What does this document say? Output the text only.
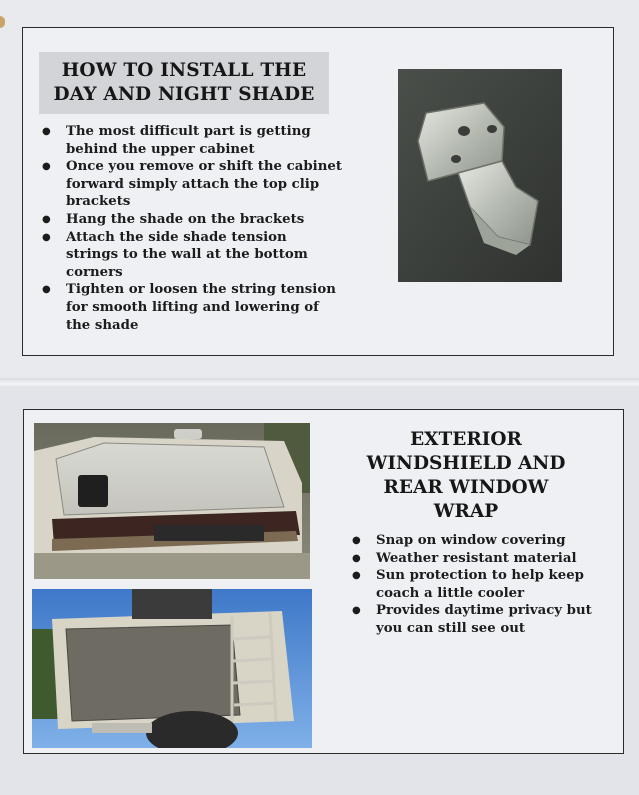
HOW TO INSTALL THE
DAY AND NIGHT SHADE
● The most difficult part is getting behind the upper cabinet
● Once you remove or shift the cabinet forward simply attach the top clip brackets
● Hang the shade on the brackets
● Attach the side shade tension strings to the wall at the bottom corners
● Tighten or loosen the string tension for smooth lifting and lowering of the shade
EXTERIOR
WINDSHIELD AND
REAR WINDOW
WRAP
● Snap on window covering
● Weather resistant material
● Sun protection to help keep coach a little cooler
● Provides daytime privacy but you can still see out
